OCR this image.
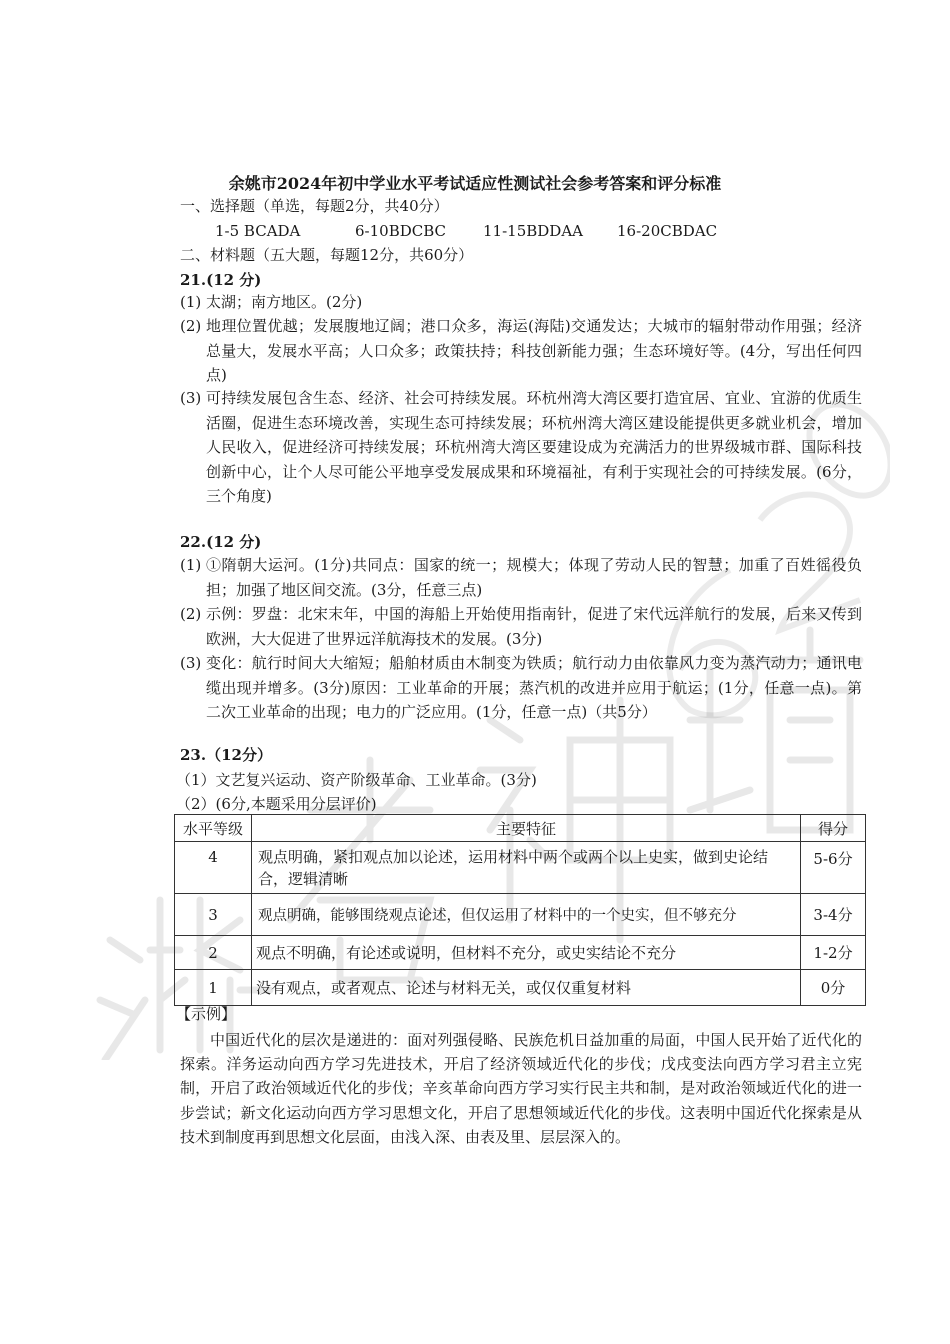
余姚市2024年初中学业水平考试适应性测试社会参考答案和评分标准
一、选择题（单选，每题2分，共40分）
1-5 BCADA	6-10BDCBC 11-15BDDAA 16-20CBDAC
二、材料题（五大题，每题12分，共60分）
21.(12 分)
(1) 太湖；南方地区。(2分)
(2) 地理位置优越；发展腹地辽阔；港口众多，海运(海陆)交通发达；大城市的辐射带动作用强；经济总量大，发展水平高；人口众多；政策扶持；科技创新能力强；生态环境好等。(4分，写出任何四点)
(3) 可持续发展包含生态、经济、社会可持续发展。环杭州湾大湾区要打造宜居、宜业、宜游的优质生活圈，促进生态环境改善，实现生态可持续发展；环杭州湾大湾区建设能提供更多就业机会，增加人民收入，促进经济可持续发展；环杭州湾大湾区要建设成为充满活力的世界级城市群、国际科技创新中心，让个人尽可能公平地享受发展成果和环境福祉，有利于实现社会的可持续发展。(6分，三个角度)
22.(12 分)
(1) ①隋朝大运河。(1分)共同点：国家的统一；规模大；体现了劳动人民的智慧；加重了百姓徭役负担；加强了地区间交流。(3分，任意三点)
(2) 示例：罗盘：北宋末年，中国的海船上开始使用指南针，促进了宋代远洋航行的发展，后来又传到欧洲，大大促进了世界远洋航海技术的发展。(3分)
(3) 变化：航行时间大大缩短；船舶材质由木制变为铁质；航行动力由依靠风力变为蒸汽动力；通讯电缆出现并增多。(3分)原因：工业革命的开展；蒸汽机的改进并应用于航运；(1分，任意一点)。第二次工业革命的出现；电力的广泛应用。(1分，任意一点)（共5分）
23.（12分）
（1）文艺复兴运动、资产阶级革命、工业革命。(3分)
（2）(6分,本题采用分层评价)
水平等级	主要特征	得分
4	观点明确，紧扣观点加以论述，运用材料中两个或两个以上史实，做到史论结合，逻辑清晰	5-6分
3	观点明确，能够围绕观点论述，但仅运用了材料中的一个史实，但不够充分	3-4分
2	观点不明确，有论述或说明，但材料不充分，或史实结论不充分	1-2分
1	没有观点，或者观点、论述与材料无关，或仅仅重复材料	0分
【示例】
中国近代化的层次是递进的：面对列强侵略、民族危机日益加重的局面，中国人民开始了近代化的探索。洋务运动向西方学习先进技术，开启了经济领域近代化的步伐；戊戌变法向西方学习君主立宪制，开启了政治领域近代化的步伐；辛亥革命向西方学习实行民主共和制，是对政治领域近代化的进一步尝试；新文化运动向西方学习思想文化，开启了思想领域近代化的步伐。这表明中国近代化探索是从技术到制度再到思想文化层面，由浅入深、由表及里、层层深入的。
